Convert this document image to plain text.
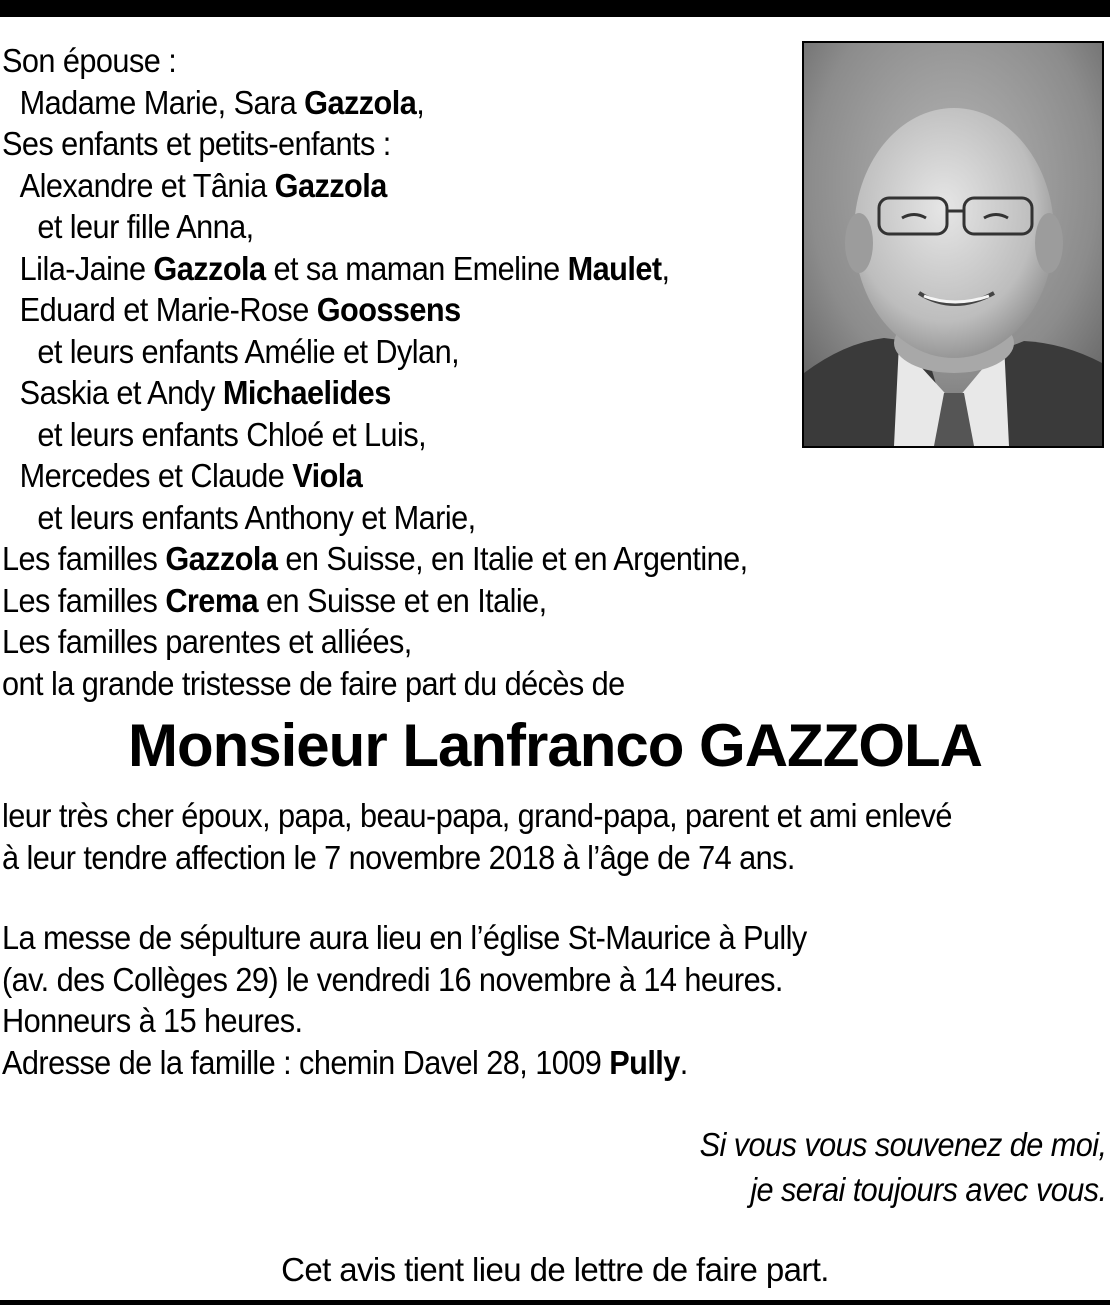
Son épouse :
Madame Marie, Sara Gazzola,
Ses enfants et petits-enfants :
Alexandre et Tânia Gazzola
et leur fille Anna,
Lila-Jaine Gazzola et sa maman Emeline Maulet,
Eduard et Marie-Rose Goossens
et leurs enfants Amélie et Dylan,
Saskia et Andy Michaelides
et leurs enfants Chloé et Luis,
Mercedes et Claude Viola
et leurs enfants Anthony et Marie,
Les familles Gazzola en Suisse, en Italie et en Argentine,
Les familles Crema en Suisse et en Italie,
Les familles parentes et alliées,
ont la grande tristesse de faire part du décès de
Monsieur Lanfranco GAZZOLA
leur très cher époux, papa, beau-papa, grand-papa, parent et ami enlevé
à leur tendre affection le 7 novembre 2018 à l’âge de 74 ans.
La messe de sépulture aura lieu en l’église St-Maurice à Pully
(av. des Collèges 29) le vendredi 16 novembre à 14 heures.
Honneurs à 15 heures.
Adresse de la famille : chemin Davel 28, 1009 Pully.
Si vous vous souvenez de moi,
je serai toujours avec vous.
Cet avis tient lieu de lettre de faire part.
